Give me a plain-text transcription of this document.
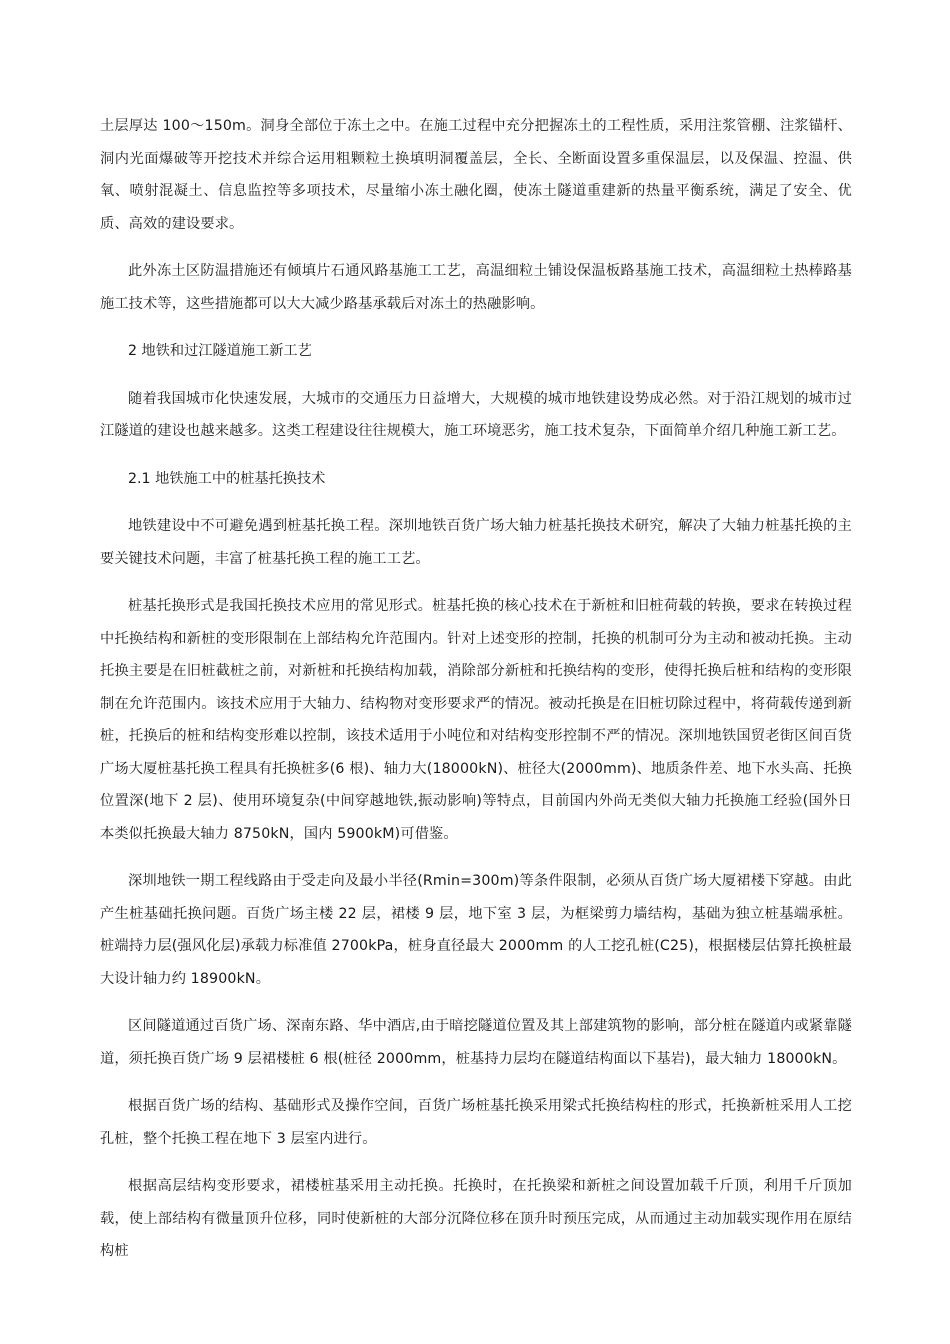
土层厚达 100～150m。洞身全部位于冻土之中。在施工过程中充分把握冻土的工程性质，采用注浆管棚、注浆锚杆、洞内光面爆破等开挖技术并综合运用粗颗粒土换填明洞覆盖层，全长、全断面设置多重保温层，以及保温、控温、供氧、喷射混凝土、信息监控等多项技术，尽量缩小冻土融化圈，使冻土隧道重建新的热量平衡系统，满足了安全、优质、高效的建设要求。

此外冻土区防温措施还有倾填片石通风路基施工工艺，高温细粒土铺设保温板路基施工技术，高温细粒土热棒路基施工技术等，这些措施都可以大大减少路基承载后对冻土的热融影响。

2 地铁和过江隧道施工新工艺

随着我国城市化快速发展，大城市的交通压力日益增大，大规模的城市地铁建设势成必然。对于沿江规划的城市过江隧道的建设也越来越多。这类工程建设往往规模大，施工环境恶劣，施工技术复杂，下面简单介绍几种施工新工艺。

2.1 地铁施工中的桩基托换技术

地铁建设中不可避免遇到桩基托换工程。深圳地铁百货广场大轴力桩基托换技术研究，解决了大轴力桩基托换的主要关键技术问题，丰富了桩基托换工程的施工工艺。

桩基托换形式是我国托换技术应用的常见形式。桩基托换的核心技术在于新桩和旧桩荷载的转换，要求在转换过程中托换结构和新桩的变形限制在上部结构允许范围内。针对上述变形的控制，托换的机制可分为主动和被动托换。主动托换主要是在旧桩截桩之前，对新桩和托换结构加载，消除部分新桩和托换结构的变形，使得托换后桩和结构的变形限制在允许范围内。该技术应用于大轴力、结构物对变形要求严的情况。被动托换是在旧桩切除过程中，将荷载传递到新桩，托换后的桩和结构变形难以控制，该技术适用于小吨位和对结构变形控制不严的情况。深圳地铁国贸老街区间百货广场大厦桩基托换工程具有托换桩多(6 根)、轴力大(18000kN)、桩径大(2000mm)、地质条件差、地下水头高、托换位置深(地下 2 层)、使用环境复杂(中间穿越地铁,振动影响)等特点，目前国内外尚无类似大轴力托换施工经验(国外日本类似托换最大轴力 8750kN，国内 5900kM)可借鉴。

深圳地铁一期工程线路由于受走向及最小半径(Rmin=300m)等条件限制，必须从百货广场大厦裙楼下穿越。由此产生桩基础托换问题。百货广场主楼 22 层，裙楼 9 层，地下室 3 层，为框梁剪力墙结构，基础为独立桩基端承桩。桩端持力层(强风化层)承载力标准值 2700kPa，桩身直径最大 2000mm 的人工挖孔桩(C25)，根据楼层估算托换桩最大设计轴力约 18900kN。

区间隧道通过百货广场、深南东路、华中酒店,由于暗挖隧道位置及其上部建筑物的影响，部分桩在隧道内或紧靠隧道，须托换百货广场 9 层裙楼桩 6 根(桩径 2000mm，桩基持力层均在隧道结构面以下基岩)，最大轴力 18000kN。

根据百货广场的结构、基础形式及操作空间，百货广场桩基托换采用梁式托换结构柱的形式，托换新桩采用人工挖孔桩，整个托换工程在地下 3 层室内进行。

根据高层结构变形要求，裙楼桩基采用主动托换。托换时，在托换梁和新桩之间设置加载千斤顶，利用千斤顶加载，使上部结构有微量顶升位移，同时使新桩的大部分沉降位移在顶升时预压完成，从而通过主动加载实现作用在原结构桩
